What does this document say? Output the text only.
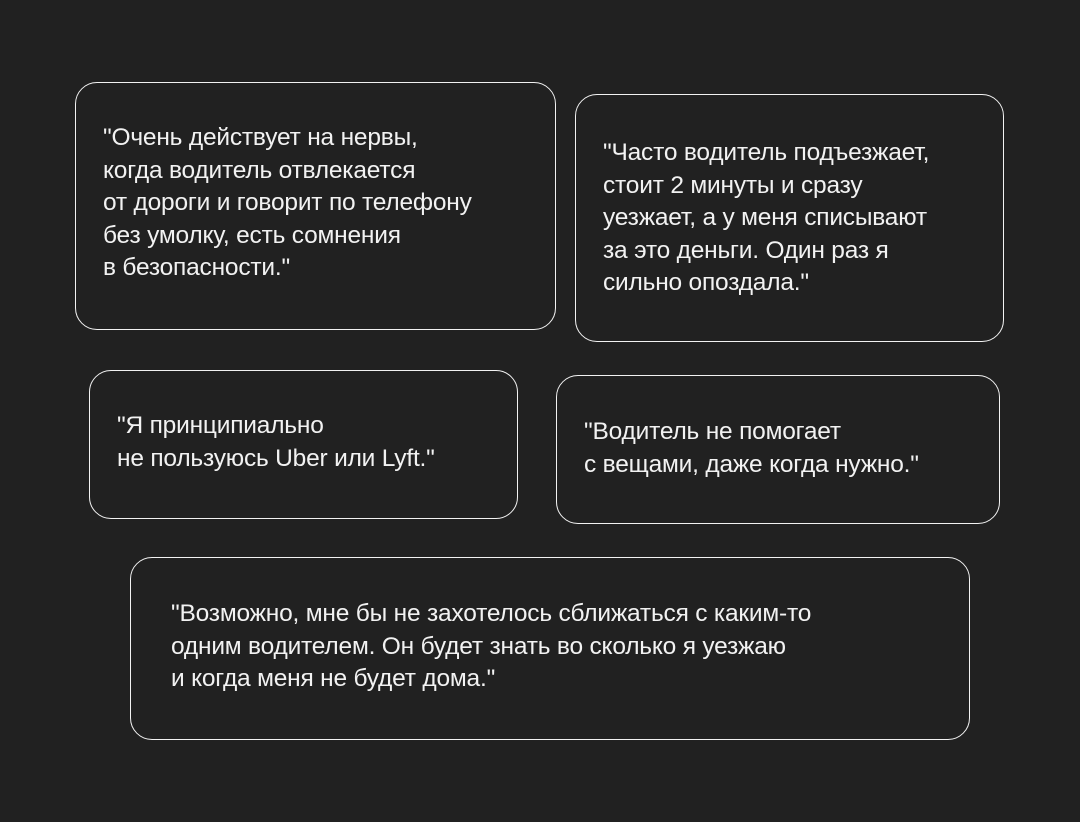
"Очень действует на нервы,
когда водитель отвлекается
от дороги и говорит по телефону
без умолку, есть сомнения
в безопасности."

"Часто водитель подъезжает,
стоит 2 минуты и сразу
уезжает, а у меня списывают
за это деньги. Один раз я
сильно опоздала."

"Я принципиально
не пользуюсь Uber или Lyft."

"Водитель не помогает
с вещами, даже когда нужно."

"Возможно, мне бы не захотелось сближаться с каким-то
одним водителем. Он будет знать во сколько я уезжаю
и когда меня не будет дома."
